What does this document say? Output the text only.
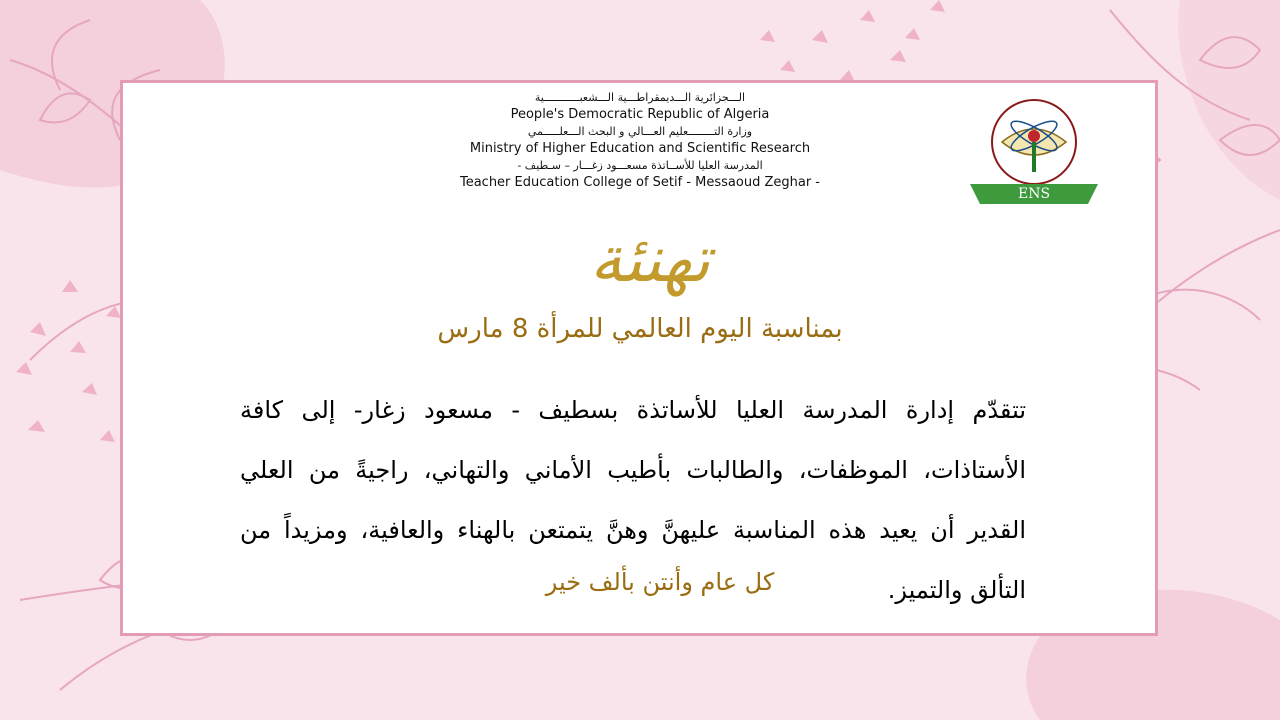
الـــجزائرية الـــديمقراطـــية الـــشعبـــــــــــية
People's Democratic Republic of Algeria
وزارة التــــــــعليم العـــالي و البحث الـــعلـــــمي
Ministry of Higher Education and Scientific Research
المدرسة العليا للأســاتذة مسعـــود زغـــار – سـطيف -
Teacher Education College of Setif - Messaoud Zeghar -
ENS
تهنئة
بمناسبة اليوم العالمي للمرأة 8 مارس
تتقدّم إدارة المدرسة العليا للأساتذة بسطيف - مسعود زغار- إلى كافة الأستاذات، الموظفات، والطالبات بأطيب الأماني والتهاني، راجيةً من العلي القدير أن يعيد هذه المناسبة عليهنَّ وهنَّ يتمتعن بالهناء والعافية، ومزيداً من التألق والتميز.
كل عام وأنتن بألف خير
